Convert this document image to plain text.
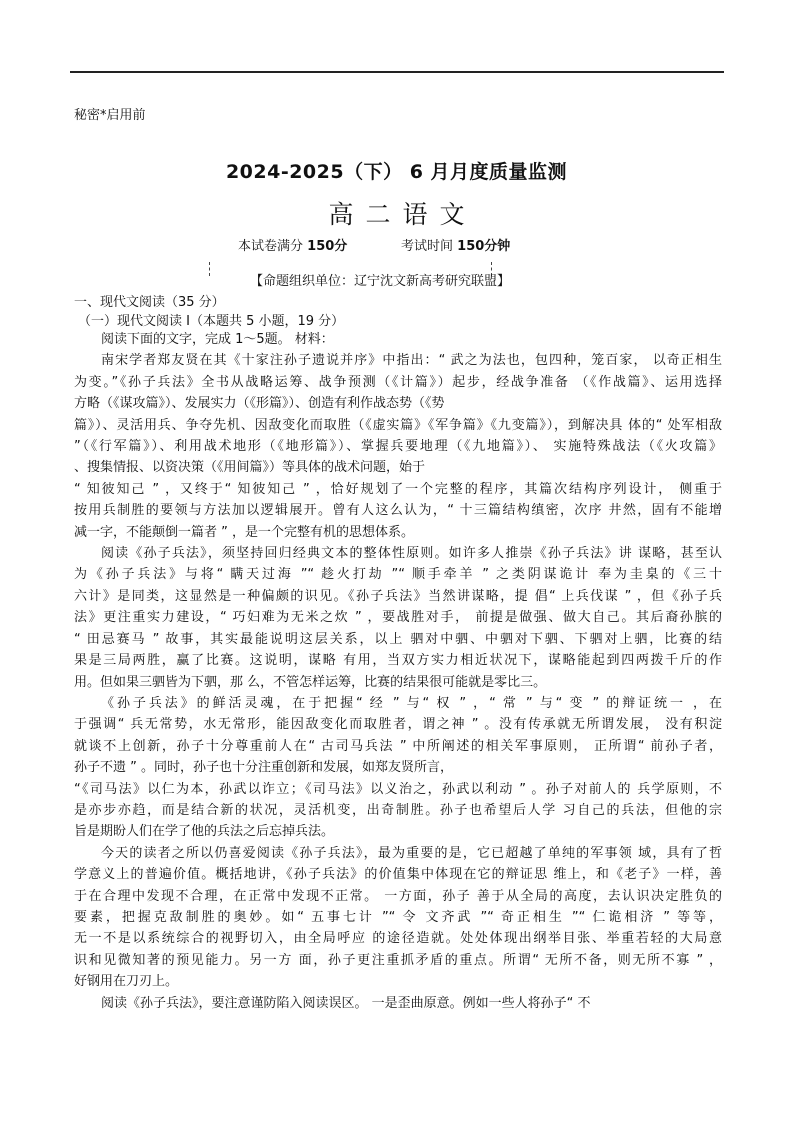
秘密*启用前
2024-2025（下） 6 月月度质量监测
高二语文
本试卷满分 150分	考试时间 150分钟
【命题组织单位：辽宁沈文新高考研究联盟】
一、现代文阅读（35 分）
（一）现代文阅读 I（本题共 5 小题，19 分）

阅读下面的文字，完成 1～5题。 材料：

南宋学者郑友贤在其《十家注孙子遗说并序》中指出：“ 武之为法也，包四种，笼百家， 以奇正相生

为变。”《孙子兵法》全书从战略运筹、战争预测（《计篇》）起步，经战争准备 （《作战篇》、运用选择

方略（《谋攻篇》）、发展实力（《形篇》）、创造有利作战态势（《势

篇》）、灵活用兵、争夺先机、因敌变化而取胜（《虚实篇》《军争篇》《九变篇》），到解决具 体的“ 处军相敌

”（《行军篇》）、利用战术地形（《地形篇》）、掌握兵要地理（《九地篇》）、 实施特殊战法（《火攻篇》

、搜集情报、以资决策（《用间篇》）等具体的战术问题，始于

“ 知彼知己 ” ，又终于“ 知彼知己 ” ，恰好规划了一个完整的程序，其篇次结构序列设计， 侧重于

按用兵制胜的要领与方法加以逻辑展开。曾有人这么认为，“ 十三篇结构缜密，次序 井然，固有不能增

减一字，不能颠倒一篇者 ” ，是一个完整有机的思想体系。

阅读《孙子兵法》，须坚持回归经典文本的整体性原则。如许多人推崇《孙子兵法》讲 谋略，甚至认

为《孙子兵法》与将“ 瞒天过海 ”“ 趁火打劫 ”“ 顺手牵羊 ” 之类阴谋诡计 奉为圭臬的《三十

六计》是同类，这显然是一种偏颇的识见。《孙子兵法》当然讲谋略，提 倡“ 上兵伐谋 ” ，但《孙子兵

法》更注重实力建设，“ 巧妇难为无米之炊 ” ，要战胜对手， 前提是做强、做大自己。其后裔孙膑的

“ 田忌赛马 ” 故事，其实最能说明这层关系，以上 驷对中驷、中驷对下驷、下驷对上驷，比赛的结

果是三局两胜，赢了比赛。这说明，谋略 有用，当双方实力相近状况下，谋略能起到四两拨千斤的作

用。但如果三驷皆为下驷，那 么，不管怎样运筹，比赛的结果很可能就是零比三。

《孙子兵法》的鲜活灵魂，在于把握“ 经 ” 与“ 权 ” ，“ 常 ” 与“ 变 ” 的辩证统一 ，在

于强调“ 兵无常势，水无常形，能因敌变化而取胜者，谓之神 ” 。没有传承就无所谓发展， 没有积淀

就谈不上创新，孙子十分尊重前人在“ 古司马兵法 ” 中所阐述的相关军事原则， 正所谓“ 前孙子者，

孙子不遗 ” 。同时，孙子也十分注重创新和发展，如郑友贤所言，

“《司马法》以仁为本，孙武以诈立；《司马法》以义治之，孙武以利动 ” 。孙子对前人的 兵学原则，不

是亦步亦趋，而是结合新的状况，灵活机变，出奇制胜。孙子也希望后人学 习自己的兵法，但他的宗

旨是期盼人们在学了他的兵法之后忘掉兵法。

今天的读者之所以仍喜爱阅读《孙子兵法》，最为重要的是，它已超越了单纯的军事领 域，具有了哲

学意义上的普遍价值。概括地讲，《孙子兵法》的价值集中体现在它的辩证思 维上，和《老子》一样，善

于在合理中发现不合理，在正常中发现不正常。 一方面，孙子 善于从全局的高度，去认识决定胜负的

要素，把握克敌制胜的奥妙。如“ 五事七计 ”“ 令 文齐武 ”“ 奇正相生 ”“ 仁诡相济 ” 等等，

无一不是以系统综合的视野切入，由全局呼应 的途径造就。处处体现出纲举目张、举重若轻的大局意

识和见微知著的预见能力。另一方 面，孙子更注重抓矛盾的重点。所谓“ 无所不备，则无所不寡 ” ，

好钢用在刀刃上。

阅读《孙子兵法》，要注意谨防陷入阅读误区。 一是歪曲原意。例如一些人将孙子“ 不
